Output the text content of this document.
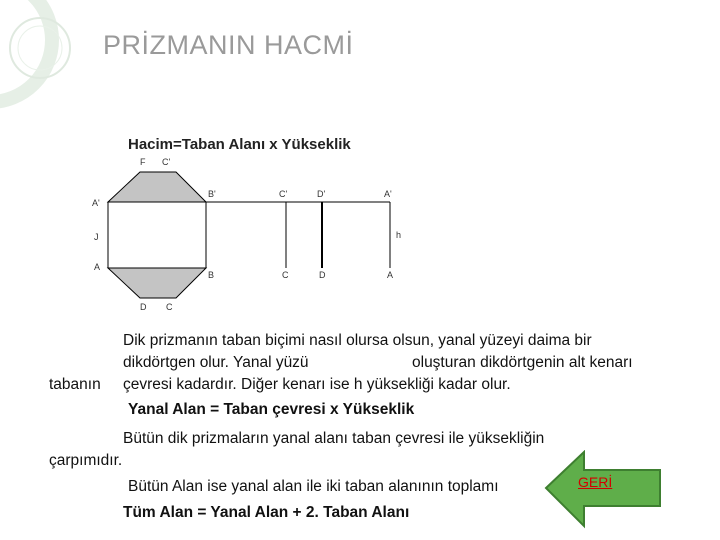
PRİZMANIN HACMİ
Hacim=Taban Alanı x Yükseklik
F C'
A'
J
A
B'	C'	D'	A'
B	C	D	A
h
D C
Dik prizmanın taban biçimi nasıl olursa olsun, yanal yüzeyi daima bir
dikdörtgen olur. Yanal yüzü	oluşturan dikdörtgenin alt kenarı
tabanın çevresi kadardır. Diğer kenarı ise h yüksekliği kadar olur.
Yanal Alan = Taban çevresi x Yükseklik
Bütün dik prizmaların yanal alanı taban çevresi ile yüksekliğin
çarpımıdır.
Bütün Alan ise yanal alan ile iki taban alanının toplamı
Tüm Alan = Yanal Alan + 2. Taban Alanı
GERİ
